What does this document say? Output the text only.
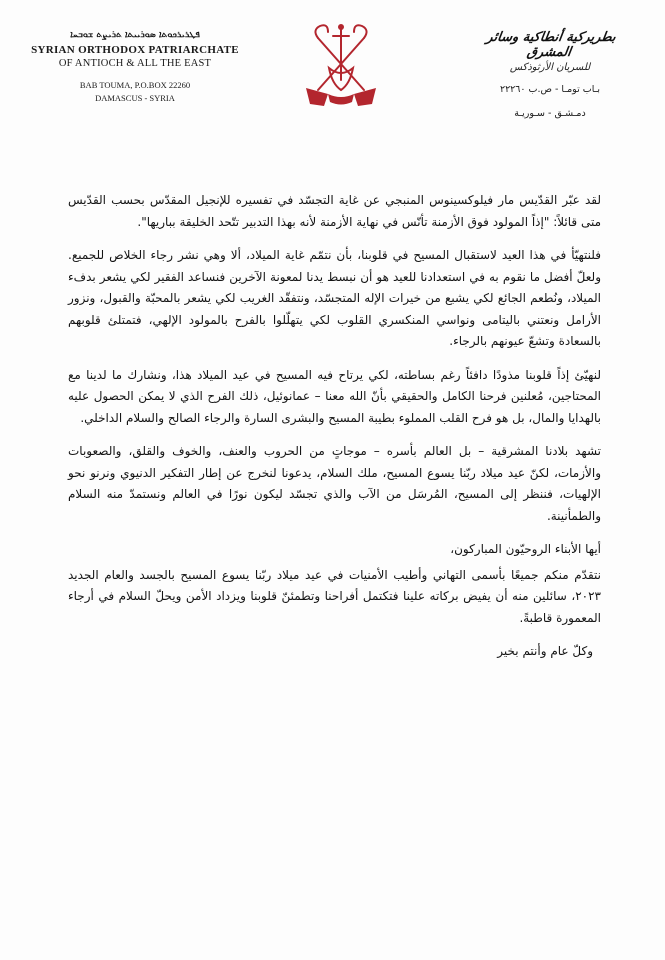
ܦܛܪܝܪܟܘܬܐ ܣܘܪܝܝܬܐ ܬܪܝܨܬ ܫܘܒܚܐ
SYRIAN ORTHODOX PATRIARCHATE
OF ANTIOCH & ALL THE EAST
BAB TOUMA, P.O.BOX 22260
DAMASCUS - SYRIA
بطريركية أنطاكية وسائر المشرق
للسريان الأرثوذكس
بـاب تومـا - ص.ب ٢٢٢٦٠
دمـشـق - سـوريـة

لقد عبّر القدّيس مار فيلوكسينوس المنبجي عن غاية التجسّد في تفسيره للإنجيل المقدّس بحسب القدّيس متى قائلاً: "إذاً المولود فوق الأزمنة تأنّس في نهاية الأزمنة لأنه بهذا التدبير تتّحد الخليقة بباريها".

فلنتهيّأ في هذا العيد لاستقبال المسيح في قلوبنا، بأن نتمّم غاية الميلاد، ألا وهي نشر رجاء الخلاص للجميع. ولعلّ أفضل ما نقوم به في استعدادنا للعيد هو أن نبسط يدنا لمعونة الآخرين فنساعد الفقير لكي يشعر بدفء الميلاد، ونُطعم الجائع لكي يشبع من خيرات الإله المتجسّد، ونتفقّد الغريب لكي يشعر بالمحبّة والقبول، ونزور الأرامل ونعتني باليتامى ونواسي المنكسري القلوب لكي يتهلّلوا بالفرح بالمولود الإلهي، فتمتلئ قلوبهم بالسعادة وتشعّ عيونهم بالرجاء.

لنهيّئ إذاً قلوبنا مذودًا دافئاً رغم بساطته، لكي يرتاح فيه المسيح في عيد الميلاد هذا، ونشارك ما لدينا مع المحتاجين، مُعلنين فرحنا الكامل والحقيقي بأنّ الله معنا – عمانوئيل، ذلك الفرح الذي لا يمكن الحصول عليه بالهدايا والمال، بل هو فرح القلب المملوء بطيبة المسيح والبشرى السارة والرجاء الصالح والسلام الداخلي.

تشهد بلادنا المشرقية – بل العالم بأسره – موجاتٍ من الحروب والعنف، والخوف والقلق، والصعوبات والأزمات، لكنّ عيد ميلاد ربّنا يسوع المسيح، ملك السلام، يدعونا لنخرج عن إطار التفكير الدنيوي ونرنو نحو الإلهيات، فننظر إلى المسيح، المُرسَل من الآب والذي تجسّد ليكون نورًا في العالم ونستمدّ منه السلام والطمأنينة.

أيها الأبناء الروحيّون المباركون،

نتقدّم منكم جميعًا بأسمى التهاني وأطيب الأمنيات في عيد ميلاد ربّنا يسوع المسيح بالجسد والعام الجديد ٢٠٢٣، سائلين منه أن يفيض بركاته علينا فتكتمل أفراحنا وتطمئنّ قلوبنا ويزداد الأمن ويحلّ السلام في أرجاء المعمورة قاطبةً.

وكلّ عام وأنتم بخير
